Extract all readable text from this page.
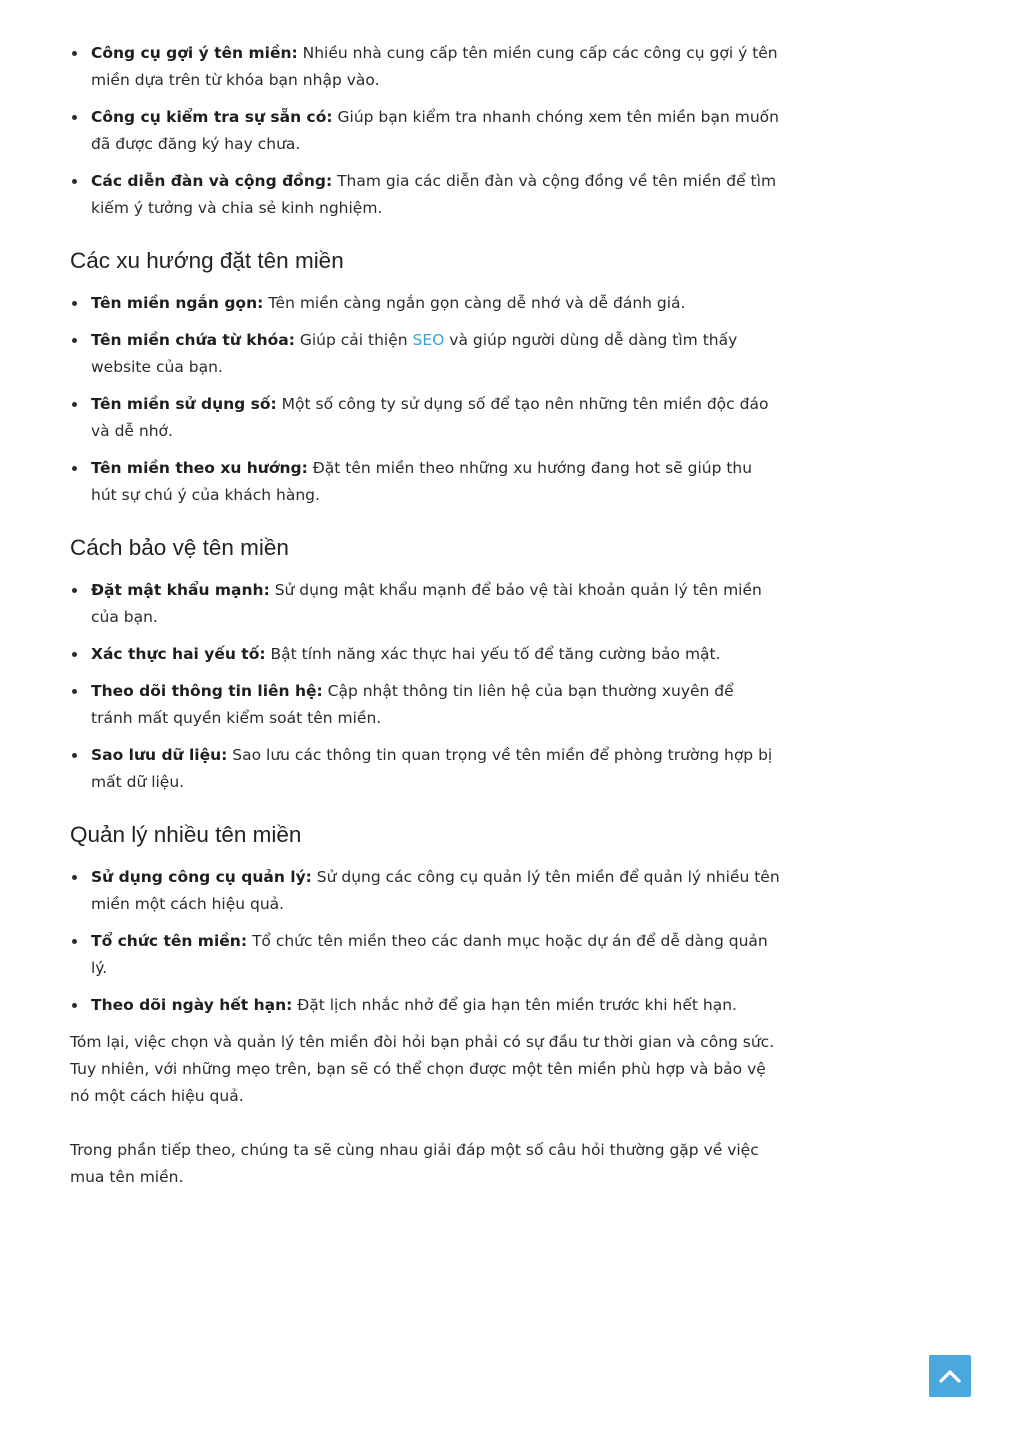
Công cụ gợi ý tên miền: Nhiều nhà cung cấp tên miền cung cấp các công cụ gợi ý tên miền dựa trên từ khóa bạn nhập vào.
Công cụ kiểm tra sự sẵn có: Giúp bạn kiểm tra nhanh chóng xem tên miền bạn muốn đã được đăng ký hay chưa.
Các diễn đàn và cộng đồng: Tham gia các diễn đàn và cộng đồng về tên miền để tìm kiếm ý tưởng và chia sẻ kinh nghiệm.
Các xu hướng đặt tên miền
Tên miền ngắn gọn: Tên miền càng ngắn gọn càng dễ nhớ và dễ đánh giá.
Tên miền chứa từ khóa: Giúp cải thiện SEO và giúp người dùng dễ dàng tìm thấy website của bạn.
Tên miền sử dụng số: Một số công ty sử dụng số để tạo nên những tên miền độc đáo và dễ nhớ.
Tên miền theo xu hướng: Đặt tên miền theo những xu hướng đang hot sẽ giúp thu hút sự chú ý của khách hàng.
Cách bảo vệ tên miền
Đặt mật khẩu mạnh: Sử dụng mật khẩu mạnh để bảo vệ tài khoản quản lý tên miền của bạn.
Xác thực hai yếu tố: Bật tính năng xác thực hai yếu tố để tăng cường bảo mật.
Theo dõi thông tin liên hệ: Cập nhật thông tin liên hệ của bạn thường xuyên để tránh mất quyền kiểm soát tên miền.
Sao lưu dữ liệu: Sao lưu các thông tin quan trọng về tên miền để phòng trường hợp bị mất dữ liệu.
Quản lý nhiều tên miền
Sử dụng công cụ quản lý: Sử dụng các công cụ quản lý tên miền để quản lý nhiều tên miền một cách hiệu quả.
Tổ chức tên miền: Tổ chức tên miền theo các danh mục hoặc dự án để dễ dàng quản lý.
Theo dõi ngày hết hạn: Đặt lịch nhắc nhở để gia hạn tên miền trước khi hết hạn.

Tóm lại, việc chọn và quản lý tên miền đòi hỏi bạn phải có sự đầu tư thời gian và công sức. Tuy nhiên, với những mẹo trên, bạn sẽ có thể chọn được một tên miền phù hợp và bảo vệ nó một cách hiệu quả.

Trong phần tiếp theo, chúng ta sẽ cùng nhau giải đáp một số câu hỏi thường gặp về việc mua tên miền.
